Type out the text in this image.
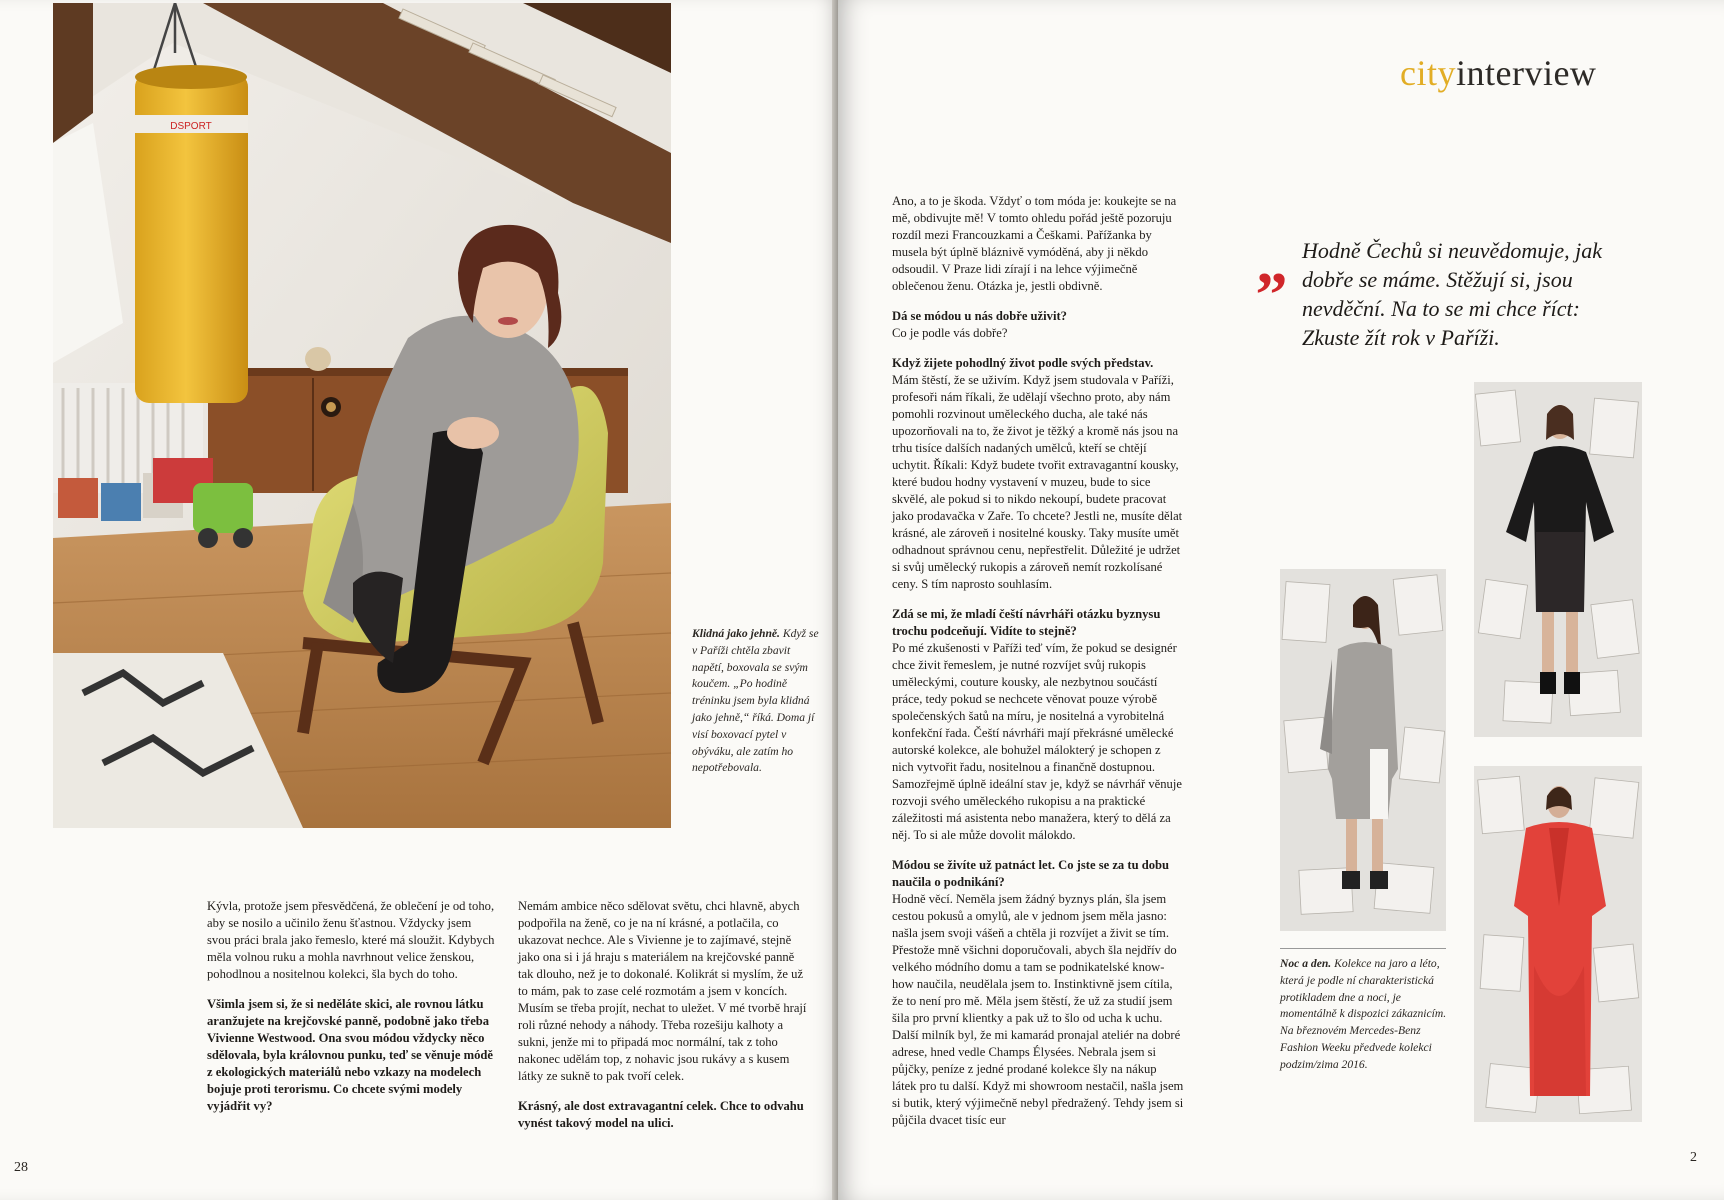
DSPORT
Klidná jako jehně. Když se v Paříži chtěla zbavit napětí, boxovala se svým koučem. „Po hodině tréninku jsem byla klidná jako jehně,“ říká. Doma jí visí boxovací pytel v obýváku, ale zatím ho nepotřebovala.

Kývla, protože jsem přesvědčená, že oblečení je od toho, aby se nosilo a učinilo ženu šťastnou. Vždycky jsem svou práci brala jako řemeslo, které má sloužit. Kdybych měla volnou ruku a mohla navrhnout velice ženskou, pohodlnou a nositelnou kolekci, šla bych do toho.

Všimla jsem si, že si neděláte skici, ale rovnou látku aranžujete na krejčovské panně, podobně jako třeba Vivienne Westwood. Ona svou módou vždycky něco sdělovala, byla královnou punku, teď se věnuje módě z ekologických materiálů nebo vzkazy na modelech bojuje proti terorismu. Co chcete svými modely vyjádřit vy?

Nemám ambice něco sdělovat světu, chci hlavně, abych podpořila na ženě, co je na ní krásné, a potlačila, co ukazovat nechce. Ale s Vivienne je to zajímavé, stejně jako ona si i já hraju s materiálem na krejčovské panně tak dlouho, než je to dokonalé. Kolikrát si myslím, že už to mám, pak to zase celé rozmotám a jsem v koncích. Musím se třeba projít, nechat to uležet. V mé tvorbě hrají roli různé nehody a náhody. Třeba rozešiju kalhoty a sukni, jenže mi to připadá moc normální, tak z toho nakonec udělám top, z nohavic jsou rukávy a s kusem látky ze sukně to pak tvoří celek.

Krásný, ale dost extravagantní celek. Chce to odvahu vynést takový model na ulici.

28
cityinterview
„ Hodně Čechů si neuvědomuje, jak dobře se máme. Stěžují si, jsou nevděční. Na to se mi chce říct: Zkuste žít rok v Paříži.

Ano, a to je škoda. Vždyť o tom móda je: koukejte se na mě, obdivujte mě! V tomto ohledu pořád ještě pozoruju rozdíl mezi Francouzkami a Češkami. Pařížanka by musela být úplně bláznivě vymóděná, aby ji někdo odsoudil. V Praze lidi zírají i na lehce výjimečně oblečenou ženu. Otázka je, jestli obdivně.

Dá se módou u nás dobře uživit?

Co je podle vás dobře?

Když žijete pohodlný život podle svých představ.

Mám štěstí, že se uživím. Když jsem studovala v Paříži, profesoři nám říkali, že udělají všechno proto, aby nám pomohli rozvinout uměleckého ducha, ale také nás upozorňovali na to, že život je těžký a kromě nás jsou na trhu tisíce dalších nadaných umělců, kteří se chtějí uchytit. Říkali: Když budete tvořit extravagantní kousky, které budou hodny vystavení v muzeu, bude to sice skvělé, ale pokud si to nikdo nekoupí, budete pracovat jako prodavačka v Zaře. To chcete? Jestli ne, musíte dělat krásné, ale zároveň i nositelné kousky. Taky musíte umět odhadnout správnou cenu, nepřestřelit. Důležité je udržet si svůj umělecký rukopis a zároveň nemít rozkolísané ceny. S tím naprosto souhlasím.

Zdá se mi, že mladí čeští návrháři otázku byznysu trochu podceňují. Vidíte to stejně?

Po mé zkušenosti v Paříži teď vím, že pokud se designér chce živit řemeslem, je nutné rozvíjet svůj rukopis uměleckými, couture kousky, ale nezbytnou součástí práce, tedy pokud se nechcete věnovat pouze výrobě společenských šatů na míru, je nositelná a vyrobitelná konfekční řada. Čeští návrháři mají překrásné umělecké autorské kolekce, ale bohužel málokterý je schopen z nich vytvořit řadu, nositelnou a finančně dostupnou. Samozřejmě úplně ideální stav je, když se návrhář věnuje rozvoji svého uměleckého rukopisu a na praktické záležitosti má asistenta nebo manažera, který to dělá za něj. To si ale může dovolit málokdo.

Módou se živíte už patnáct let. Co jste se za tu dobu naučila o podnikání?

Hodně věcí. Neměla jsem žádný byznys plán, šla jsem cestou pokusů a omylů, ale v jednom jsem měla jasno: našla jsem svoji vášeň a chtěla ji rozvíjet a živit se tím. Přestože mně všichni doporučovali, abych šla nejdřív do velkého módního domu a tam se podnikatelské know-how naučila, neudělala jsem to. Instinktivně jsem cítila, že to není pro mě. Měla jsem štěstí, že už za studií jsem šila pro první klientky a pak už to šlo od ucha k uchu. Další milník byl, že mi kamarád pronajal ateliér na dobré adrese, hned vedle Champs Élysées. Nebrala jsem si půjčky, peníze z jedné prodané kolekce šly na nákup látek pro tu další. Když mi showroom nestačil, našla jsem si butik, který výjimečně nebyl předražený. Tehdy jsem si půjčila dvacet tisíc eur

Noc a den. Kolekce na jaro a léto, která je podle ní charakteristická protikladem dne a noci, je momentálně k dispozici zákaznicím. Na březnovém Mercedes-Benz Fashion Weeku předvede kolekci podzim/zima 2016.
2
